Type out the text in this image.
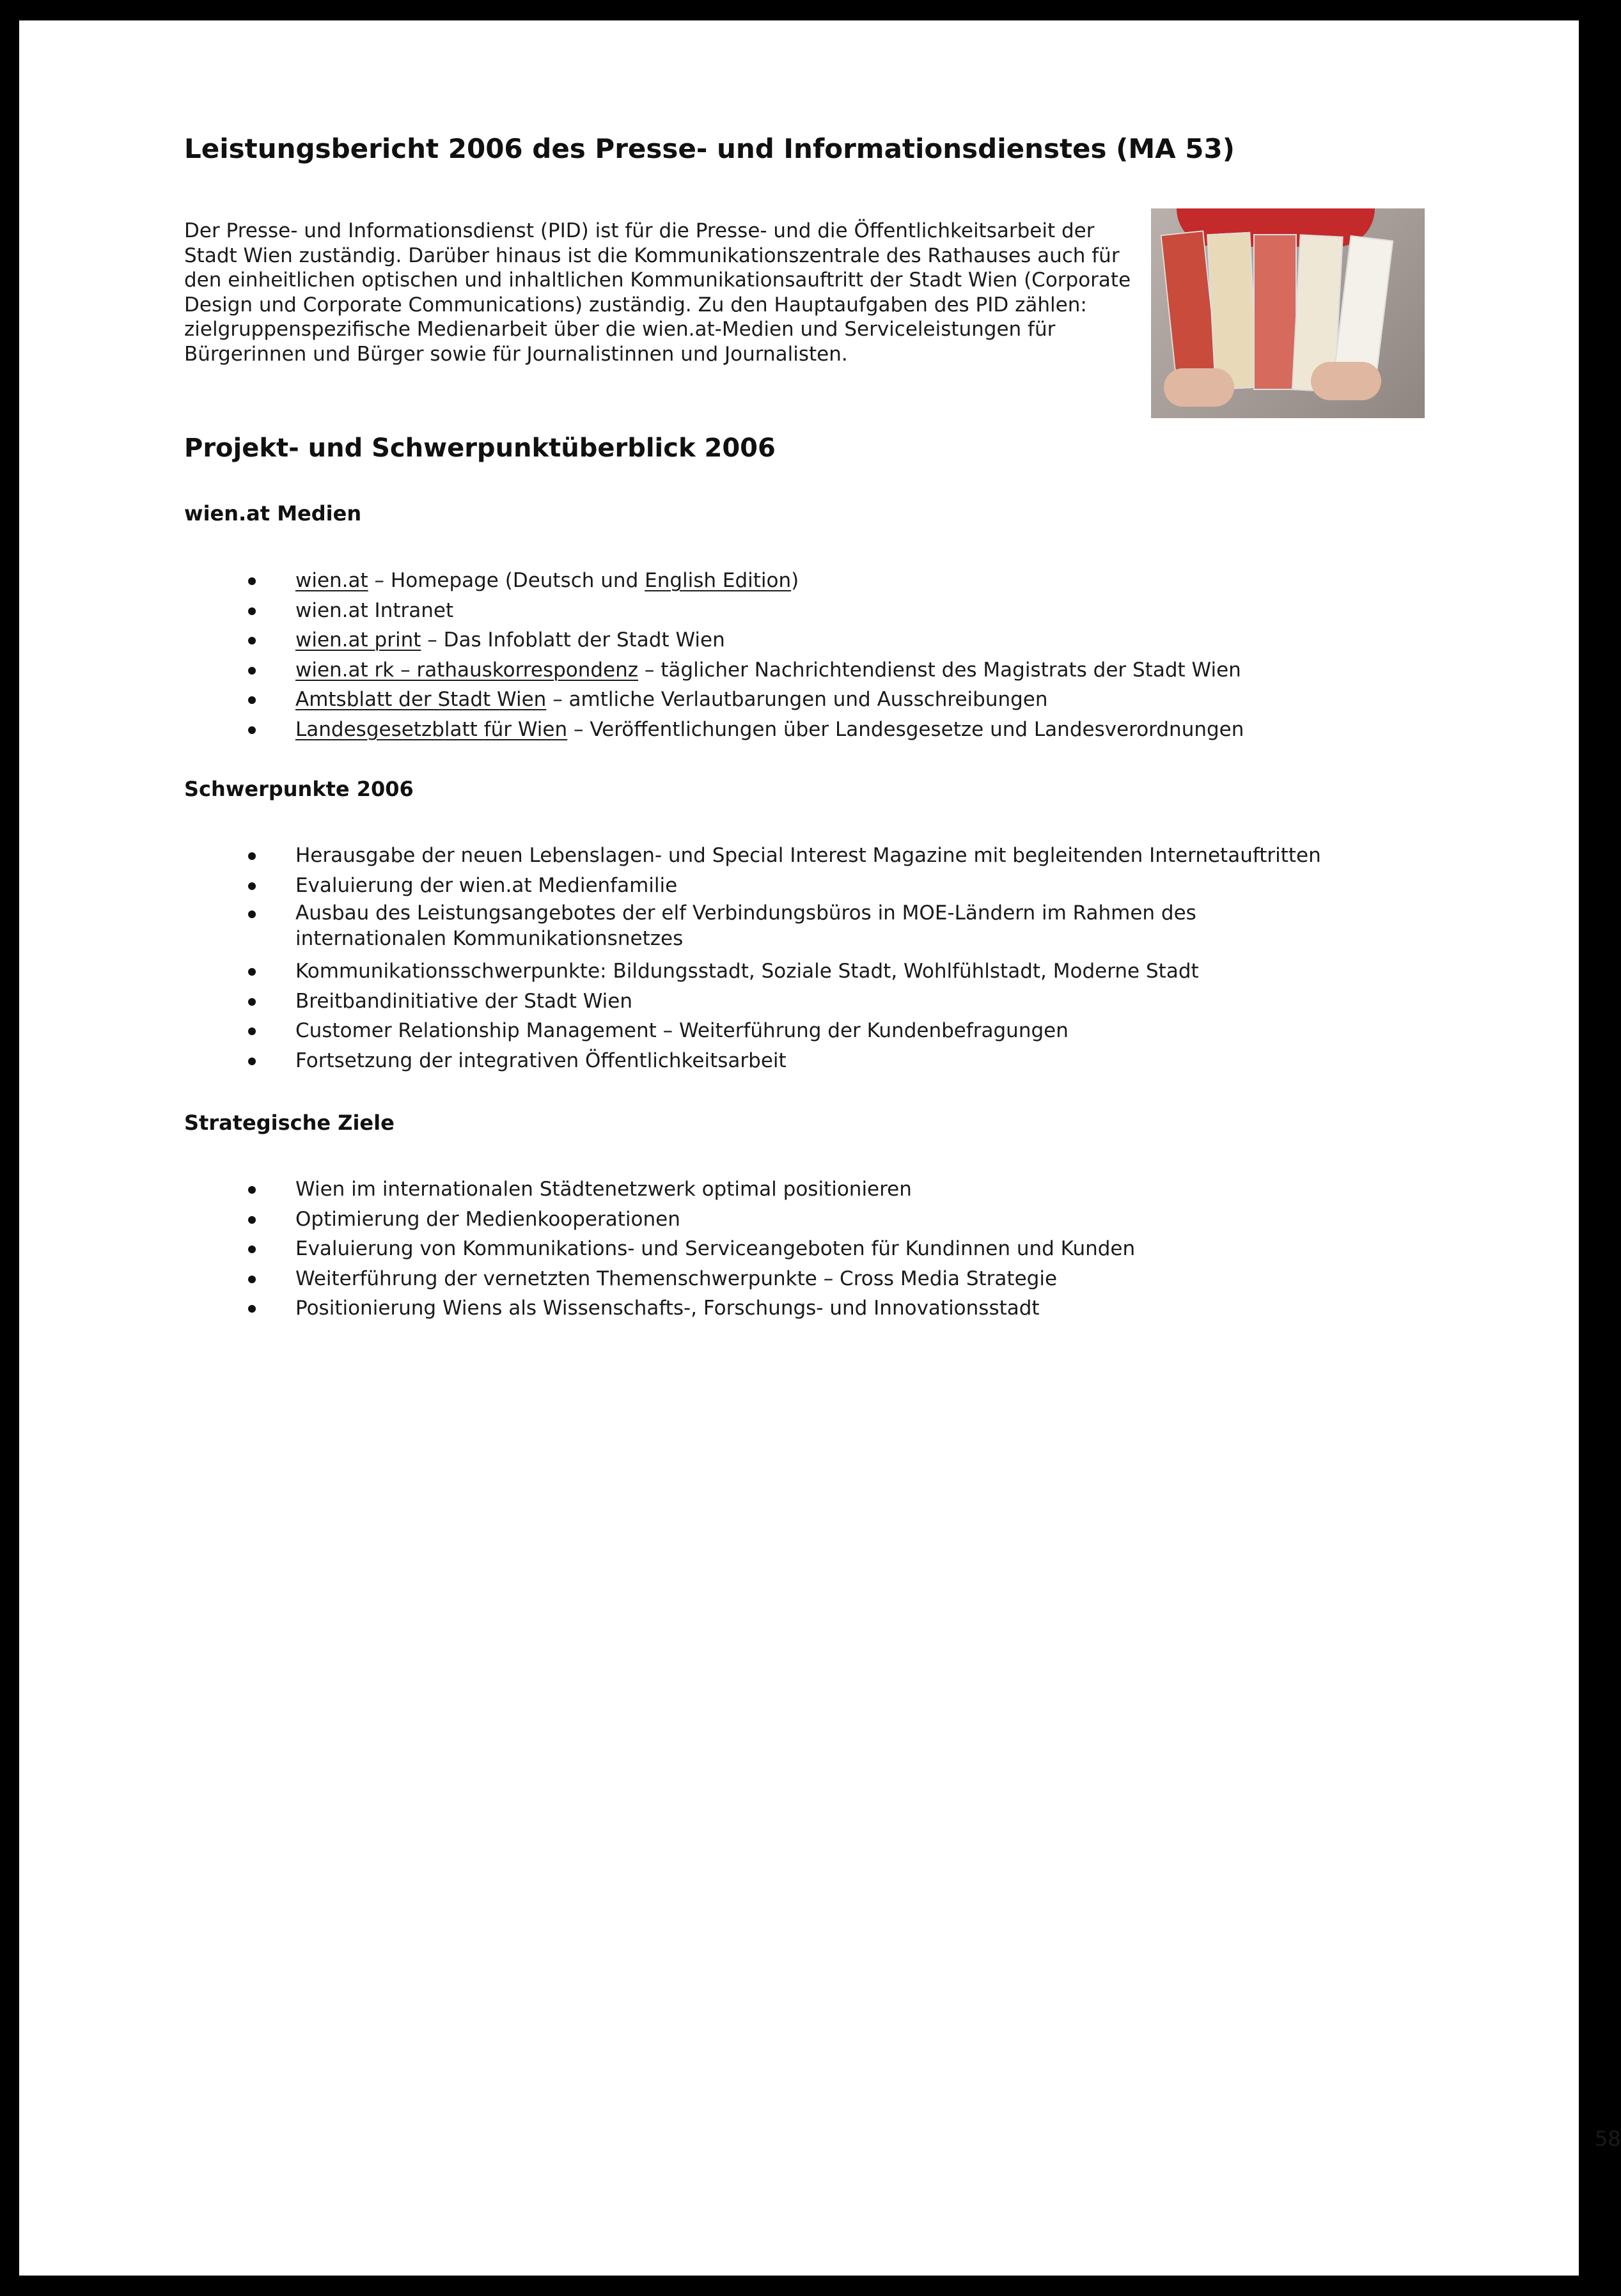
Leistungsbericht 2006 des Presse- und Informationsdienstes (MA 53)

Der Presse- und Informationsdienst (PID) ist für die Presse- und die Öffentlichkeitsarbeit der Stadt Wien zuständig. Darüber hinaus ist die Kommunikationszentrale des Rathauses auch für den einheitlichen optischen und inhaltlichen Kommunikationsauftritt der Stadt Wien (Corporate Design und Corporate Communications) zuständig. Zu den Hauptaufgaben des PID zählen: zielgruppenspezifische Medienarbeit über die wien.at-Medien und Serviceleistungen für Bürgerinnen und Bürger sowie für Journalistinnen und Journalisten.

Projekt- und Schwerpunktüberblick 2006
wien.at Medien
wien.at – Homepage (Deutsch und English Edition)
wien.at Intranet
wien.at print – Das Infoblatt der Stadt Wien
wien.at rk – rathauskorrespondenz – täglicher Nachrichtendienst des Magistrats der Stadt Wien
Amtsblatt der Stadt Wien – amtliche Verlautbarungen und Ausschreibungen
Landesgesetzblatt für Wien – Veröffentlichungen über Landesgesetze und Landesverordnungen
Schwerpunkte 2006
Herausgabe der neuen Lebenslagen- und Special Interest Magazine mit begleitenden Internetauftritten
Evaluierung der wien.at Medienfamilie
Ausbau des Leistungsangebotes der elf Verbindungsbüros in MOE-Ländern im Rahmen des internationalen Kommunikationsnetzes
Kommunikationsschwerpunkte: Bildungsstadt, Soziale Stadt, Wohlfühlstadt, Moderne Stadt
Breitbandinitiative der Stadt Wien
Customer Relationship Management – Weiterführung der Kundenbefragungen
Fortsetzung der integrativen Öffentlichkeitsarbeit
Strategische Ziele
Wien im internationalen Städtenetzwerk optimal positionieren
Optimierung der Medienkooperationen
Evaluierung von Kommunikations- und Serviceangeboten für Kundinnen und Kunden
Weiterführung der vernetzten Themenschwerpunkte – Cross Media Strategie
Positionierung Wiens als Wissenschafts-, Forschungs- und Innovationsstadt
58
